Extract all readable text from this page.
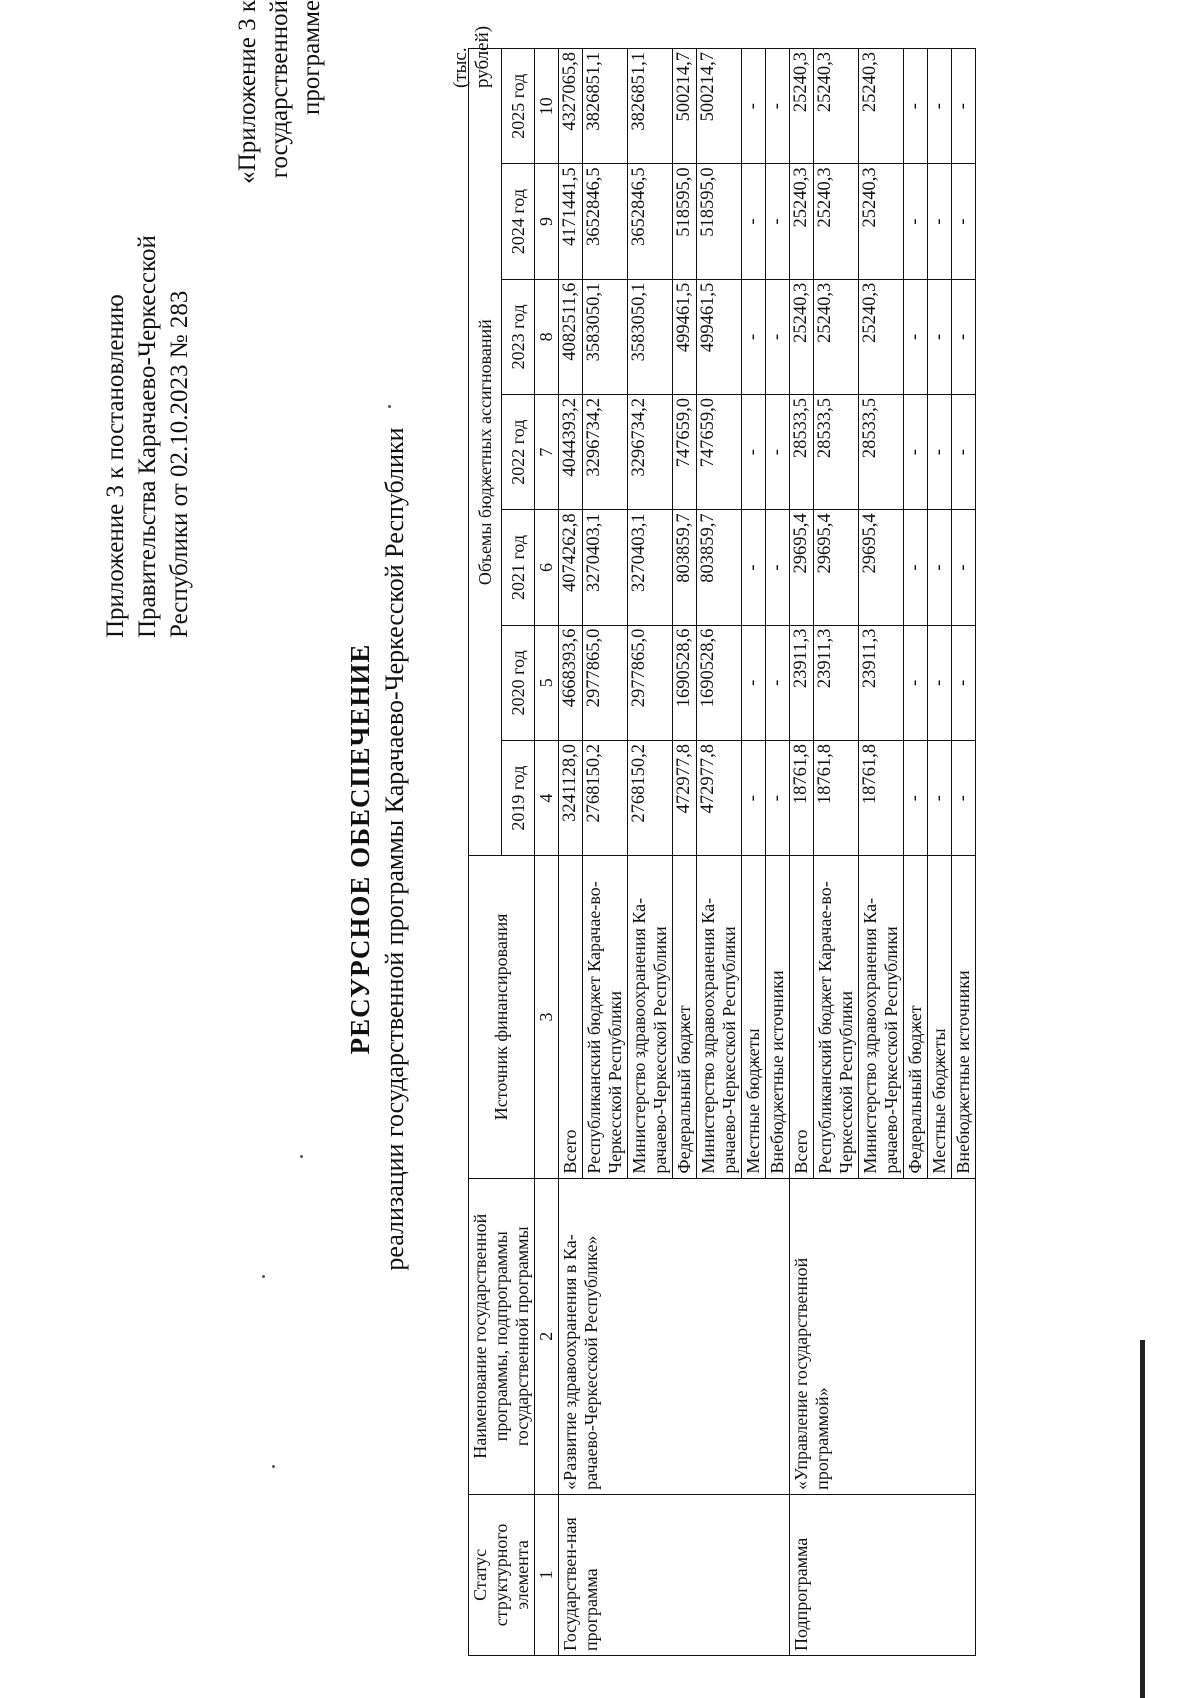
Приложение 3 к постановлению Правительства Карачаево-Черкесской Республики от 02.10.2023 № 283
«Приложение 3 к государственной программе
РЕСУРСНОЕ ОБЕСПЕЧЕНИЕ реализации государственной программы Карачаево-Черкесской Республики
(тыс. рублей)
Статус структурного элемента	Наименование государственной программы, подпрограммы государственной программы	Источник финансирования	Объемы бюджетных ассигнований						
			2019 год	2020 год	2021 год	2022 год	2023 год	2024 год	2025 год
1	2	3	4	5	6	7	8	9	10
Государствен-ная программа	«Развитие здравоохранения в Ка-рачаево-Черкесской Республике»	Всего	3241128,0	4668393,6	4074262,8	4044393,2	4082511,6	4171441,5	4327065,8
		Республиканский бюджет Карачае-во-Черкесской Республики	2768150,2	2977865,0	3270403,1	3296734,2	3583050,1	3652846,5	3826851,1
		Министерство здравоохранения Ка-рачаево-Черкесской Республики	2768150,2	2977865,0	3270403,1	3296734,2	3583050,1	3652846,5	3826851,1
		Федеральный бюджет	472977,8	1690528,6	803859,7	747659,0	499461,5	518595,0	500214,7
		Министерство здравоохранения Ка-рачаево-Черкесской Республики	472977,8	1690528,6	803859,7	747659,0	499461,5	518595,0	500214,7
		Местные бюджеты	-	-	-	-	-	-	-
		Внебюджетные источники	-	-	-	-	-	-	-
Подпрограмма	«Управление государственной программой»	Всего	18761,8	23911,3	29695,4	28533,5	25240,3	25240,3	25240,3
		Республиканский бюджет Карачае-во-Черкесской Республики	18761,8	23911,3	29695,4	28533,5	25240,3	25240,3	25240,3
		Министерство здравоохранения Ка-рачаево-Черкесской Республики	18761,8	23911,3	29695,4	28533,5	25240,3	25240,3	25240,3
		Федеральный бюджет	-	-	-	-	-	-	-
		Местные бюджеты	-	-	-	-	-	-	-
		Внебюджетные источники	-	-	-	-	-	-	-
